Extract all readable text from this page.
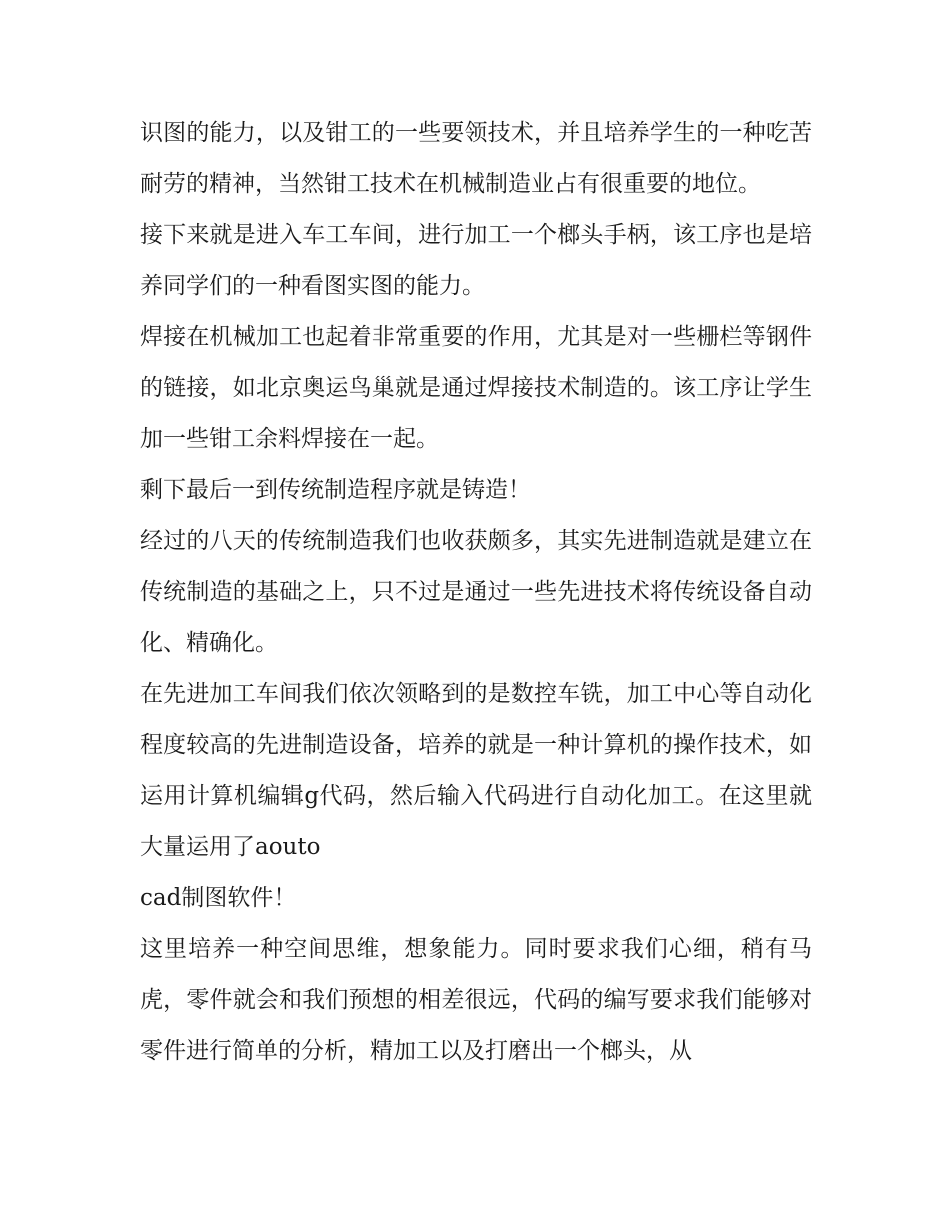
识图的能力，以及钳工的一些要领技术，并且培养学生的一种吃苦耐劳的精神，当然钳工技术在机械制造业占有很重要的地位。

接下来就是进入车工车间，进行加工一个榔头手柄，该工序也是培养同学们的一种看图实图的能力。

焊接在机械加工也起着非常重要的作用，尤其是对一些栅栏等钢件的链接，如北京奥运鸟巢就是通过焊接技术制造的。该工序让学生加一些钳工余料焊接在一起。

剩下最后一到传统制造程序就是铸造！

经过的八天的传统制造我们也收获颇多，其实先进制造就是建立在传统制造的基础之上，只不过是通过一些先进技术将传统设备自动化、精确化。

在先进加工车间我们依次领略到的是数控车铣，加工中心等自动化程度较高的先进制造设备，培养的就是一种计算机的操作技术，如运用计算机编辑g代码，然后输入代码进行自动化加工。在这里就大量运用了aouto

cad制图软件！

这里培养一种空间思维，想象能力。同时要求我们心细，稍有马虎，零件就会和我们预想的相差很远，代码的编写要求我们能够对零件进行简单的分析，精加工以及打磨出一个榔头，从
